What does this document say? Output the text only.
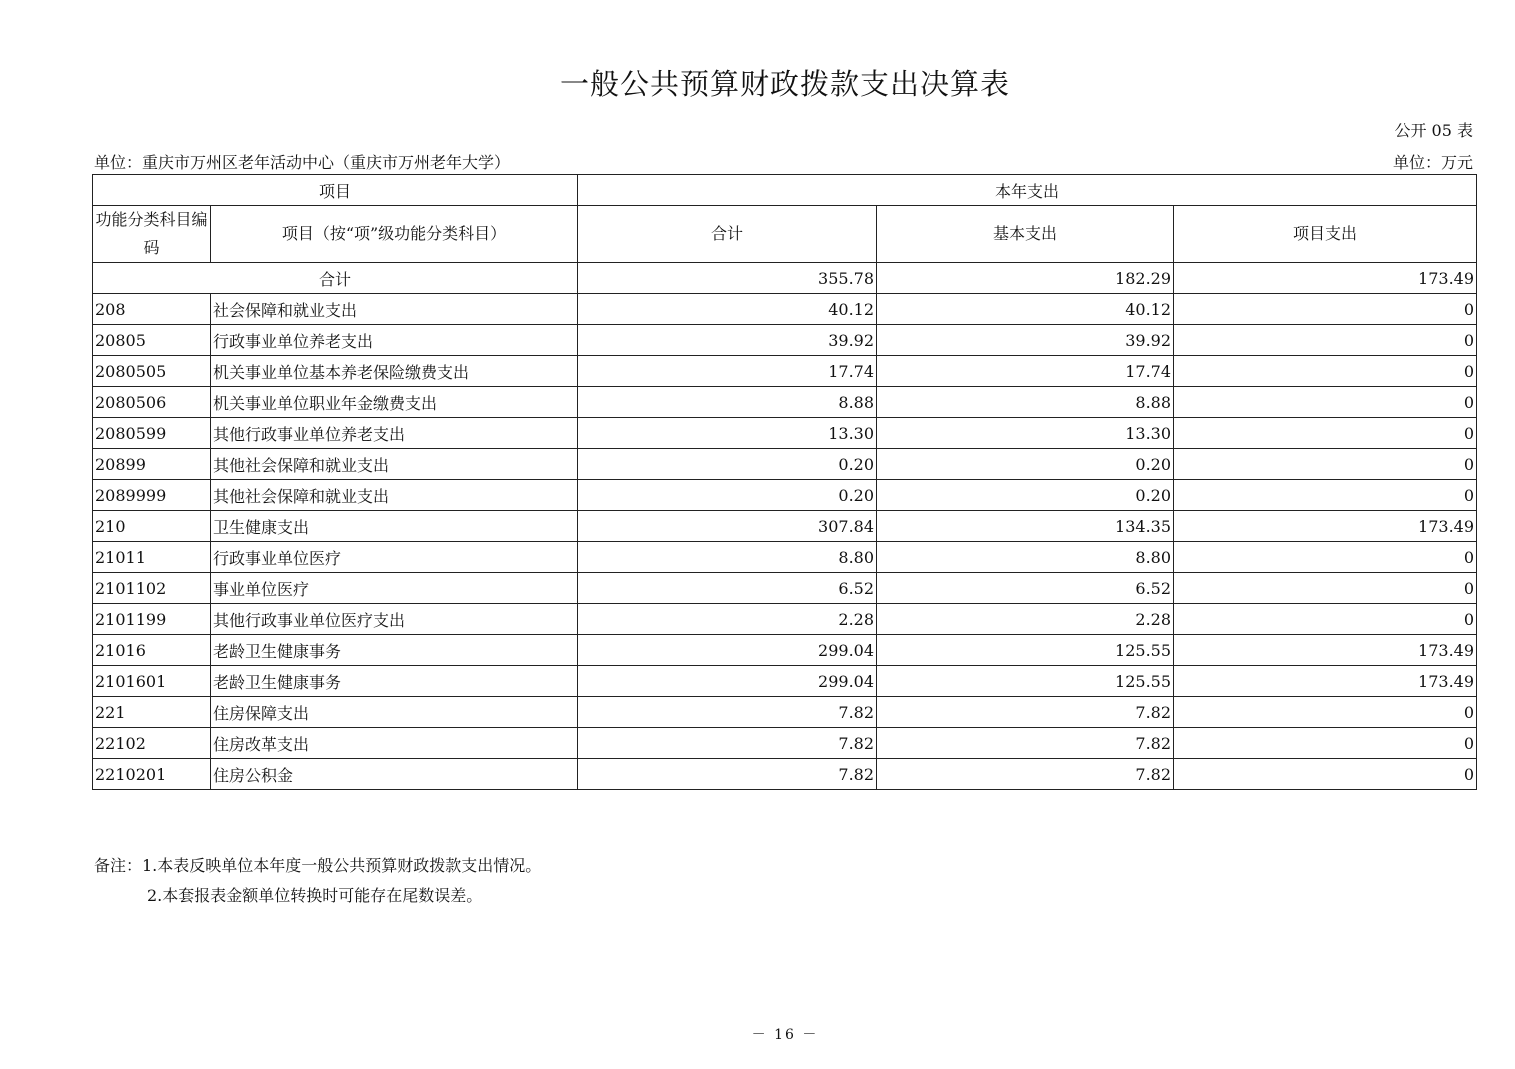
一般公共预算财政拨款支出决算表
公开 05 表
单位：重庆市万州区老年活动中心（重庆市万州老年大学）	单位：万元
项目		本年支出		
功能分类科目编码	项目（按“项”级功能分类科目）	合计	基本支出	项目支出
合计		355.78	182.29	173.49
208	社会保障和就业支出	40.12	40.12	0
20805	行政事业单位养老支出	39.92	39.92	0
2080505	机关事业单位基本养老保险缴费支出	17.74	17.74	0
2080506	机关事业单位职业年金缴费支出	8.88	8.88	0
2080599	其他行政事业单位养老支出	13.30	13.30	0
20899	其他社会保障和就业支出	0.20	0.20	0
2089999	其他社会保障和就业支出	0.20	0.20	0
210	卫生健康支出	307.84	134.35	173.49
21011	行政事业单位医疗	8.80	8.80	0
2101102	事业单位医疗	6.52	6.52	0
2101199	其他行政事业单位医疗支出	2.28	2.28	0
21016	老龄卫生健康事务	299.04	125.55	173.49
2101601	老龄卫生健康事务	299.04	125.55	173.49
221	住房保障支出	7.82	7.82	0
22102	住房改革支出	7.82	7.82	0
2210201	住房公积金	7.82	7.82	0
备注：1.本表反映单位本年度一般公共预算财政拨款支出情况。
2.本套报表金额单位转换时可能存在尾数误差。
－ 16 －
